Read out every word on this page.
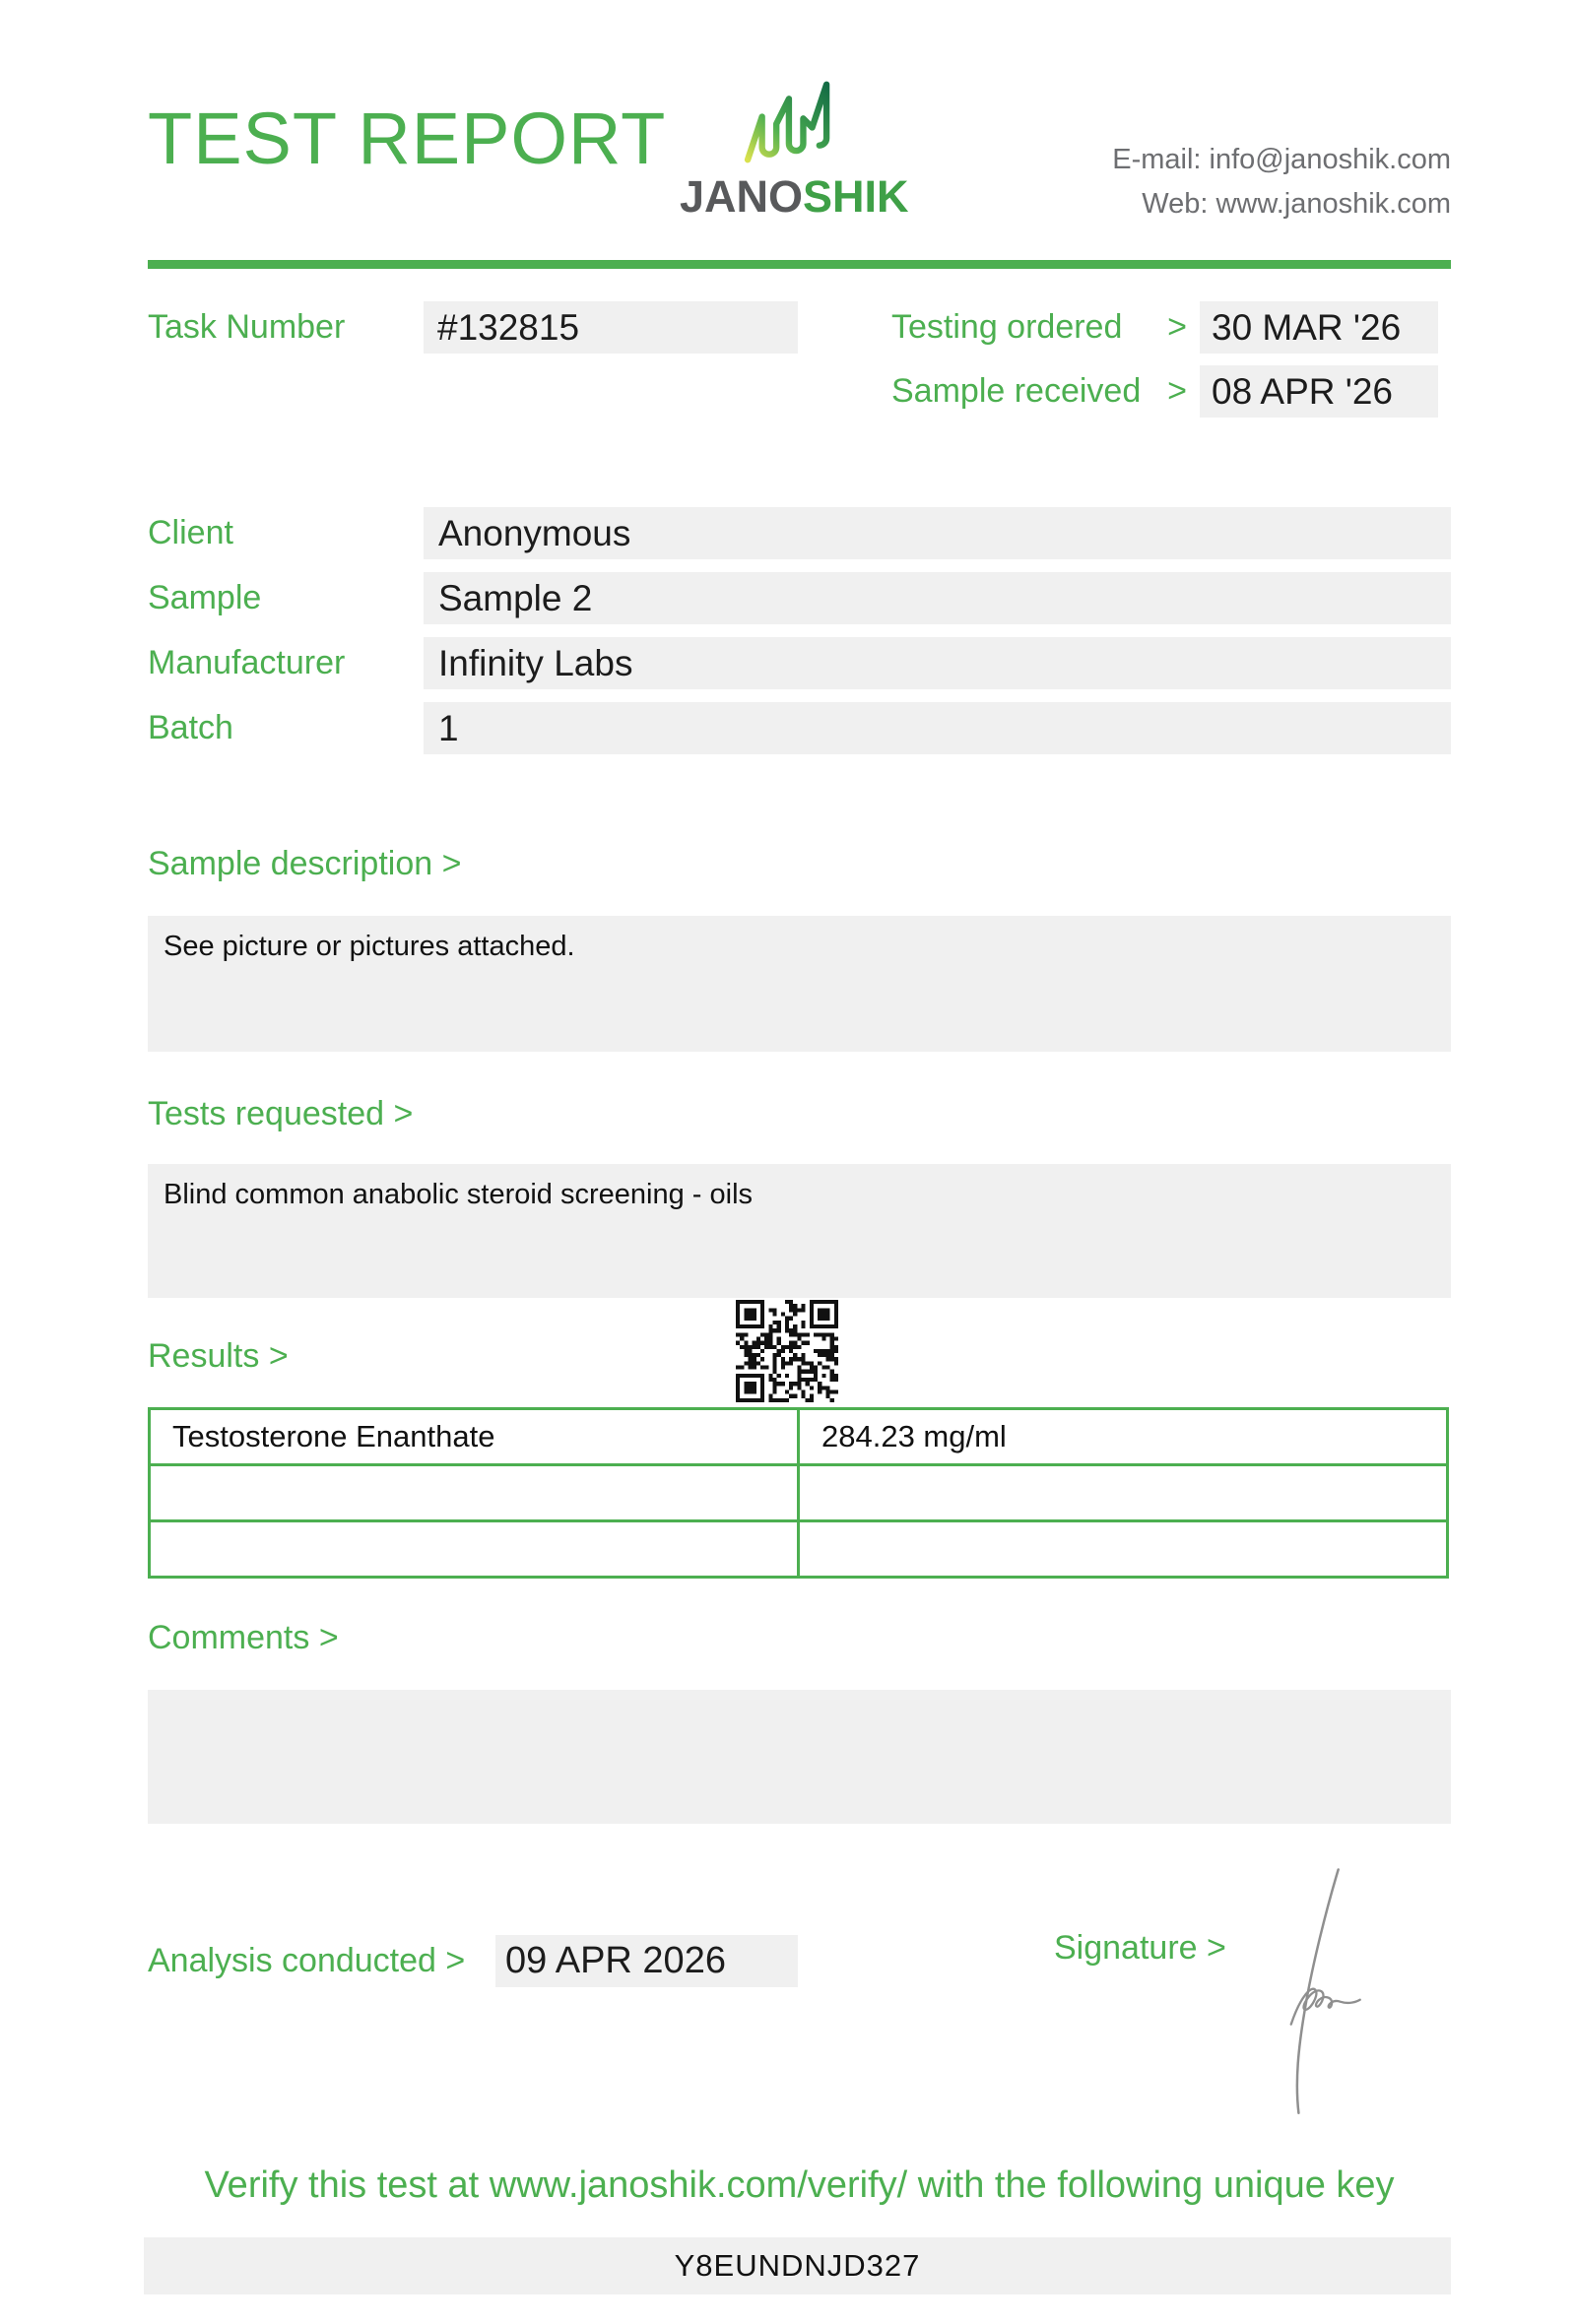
TEST REPORT
JANOSHIK
E-mail: info@janoshik.com
Web: www.janoshik.com
Task Number	#132815	Testing ordered > 30 MAR '26
Sample received > 08 APR '26
Client	Anonymous
Sample	Sample 2
Manufacturer	Infinity Labs
Batch	1
Sample description >
See picture or pictures attached.
Tests requested >
Blind common anabolic steroid screening - oils
Results >
Testosterone Enanthate	284.23 mg/ml

Comments >
Analysis conducted > 09 APR 2026	Signature >
Verify this test at www.janoshik.com/verify/ with the following unique key
Y8EUNDNJD327
